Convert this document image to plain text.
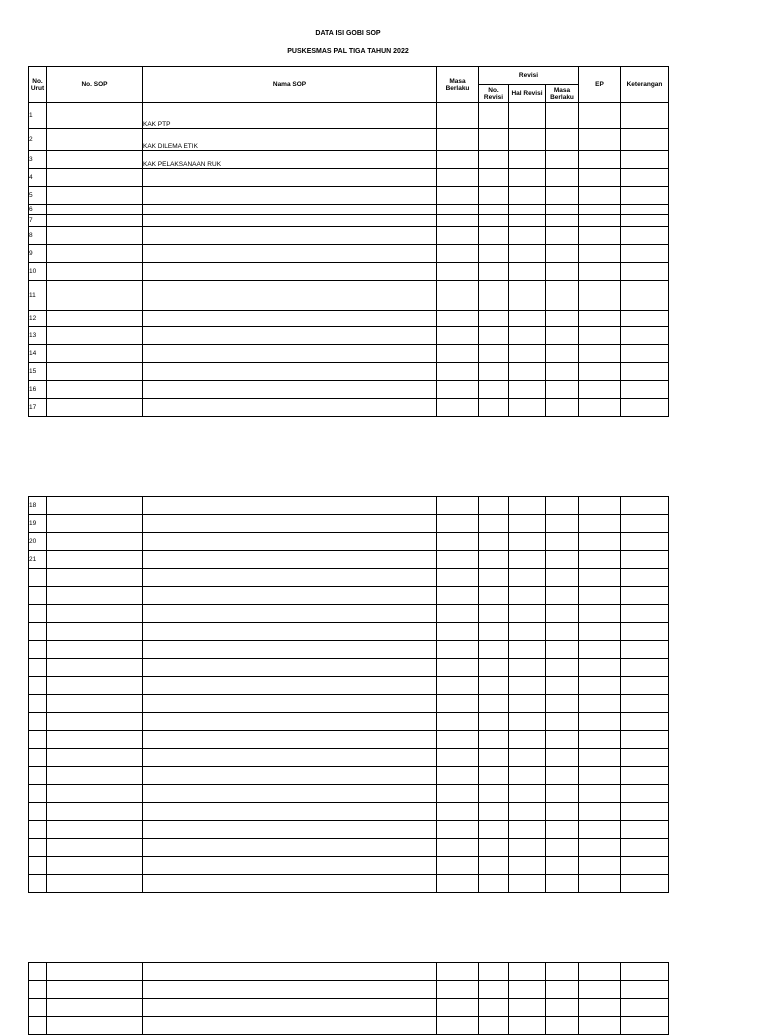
DATA ISI GOBI SOP
PUSKESMAS PAL TIGA TAHUN 2022
No. Urut	No. SOP	Nama SOP	Masa Berlaku	Revisi			EP	Keterangan
				No. Revisi	Hal Revisi	Masa Berlaku		
1		KAK PTP						
2		KAK DILEMA ETIK						
3		KAK PELAKSANAAN RUK						
4								
5								
6								
7								
8								
9								
10								
11								
12								
13								
14								
15								
16								
17								
18								
19								
20								
21								
